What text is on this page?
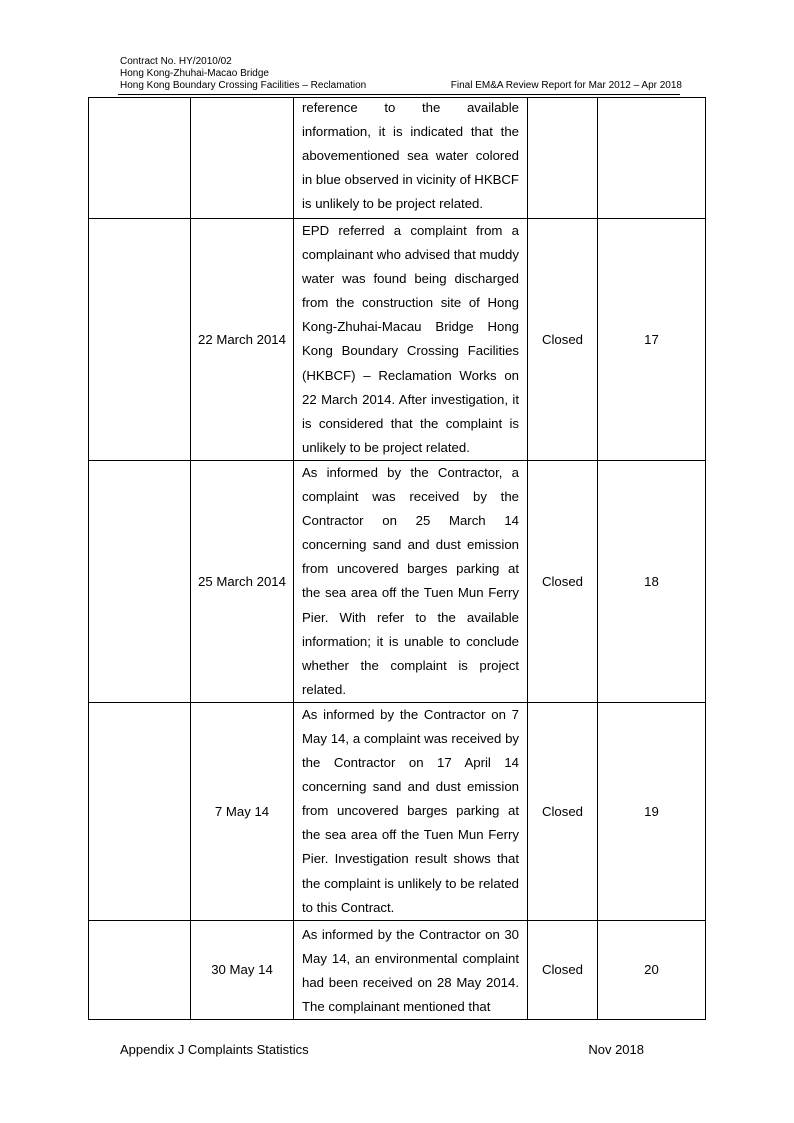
Contract No. HY/2010/02
Hong Kong-Zhuhai-Macao Bridge
Hong Kong Boundary Crossing Facilities – Reclamation	Final EM&A Review Report for Mar 2012 – Apr 2018

		reference to the available information, it is indicated that the abovementioned sea water colored in blue observed in vicinity of HKBCF is unlikely to be project related.		

	22 March 2014	EPD referred a complaint from a complainant who advised that muddy water was found being discharged from the construction site of Hong Kong-Zhuhai-Macau Bridge Hong Kong Boundary Crossing Facilities (HKBCF) – Reclamation Works on 22 March 2014. After investigation, it is considered that the complaint is unlikely to be project related.	Closed	17
	25 March 2014	As informed by the Contractor, a complaint was received by the Contractor on 25 March 14 concerning sand and dust emission from uncovered barges parking at the sea area off the Tuen Mun Ferry Pier. With refer to the available information; it is unable to conclude whether the complaint is project related.	Closed	18
	7 May 14	As informed by the Contractor on 7 May 14, a complaint was received by the Contractor on 17 April 14 concerning sand and dust emission from uncovered barges parking at the sea area off the Tuen Mun Ferry Pier. Investigation result shows that the complaint is unlikely to be related to this Contract.	Closed	19
	30 May 14	As informed by the Contractor on 30 May 14, an environmental complaint had been received on 28 May 2014. The complainant mentioned that	Closed	20
Appendix J Complaints Statistics	Nov 2018
